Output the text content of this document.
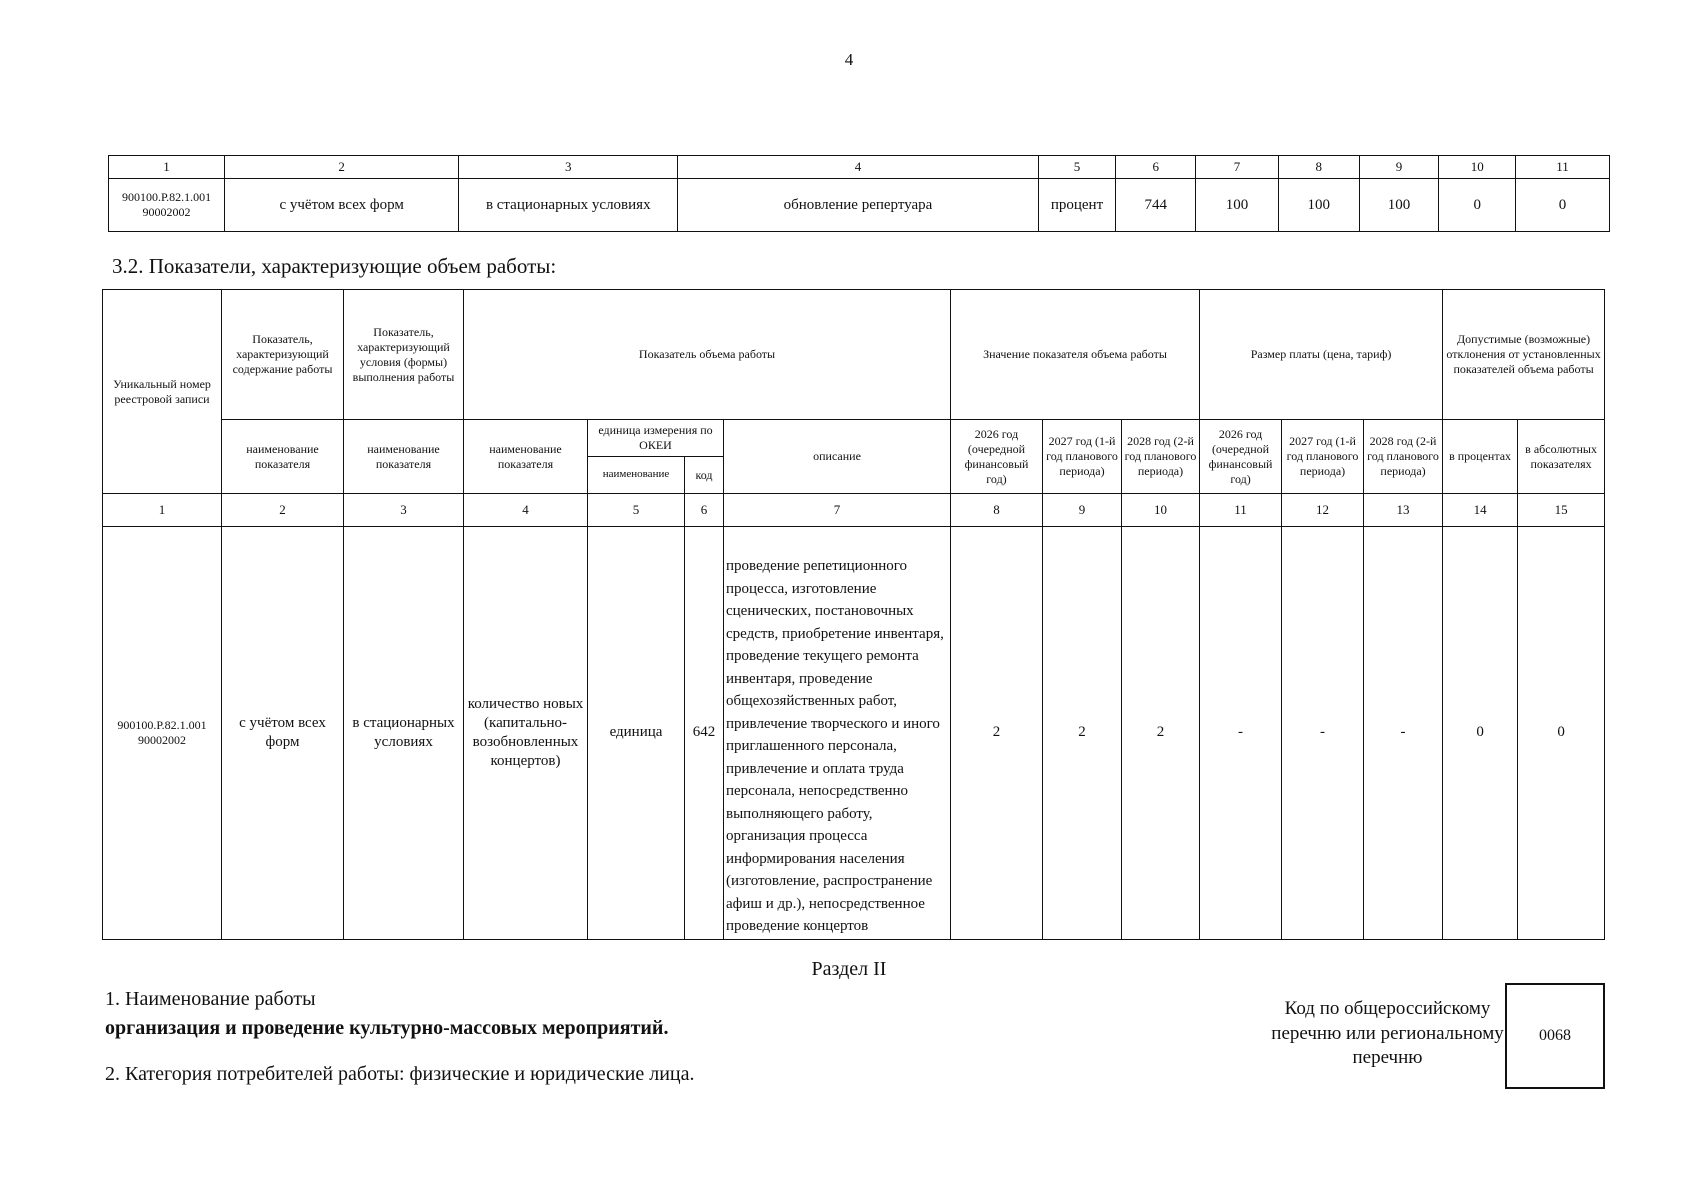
4
1	2	3	4	5	6	7	8	9	10	11
900100.Р.82.1.001 90002002	с учётом всех форм	в стационарных условиях	обновление репертуара	процент	744	100	100	100	0	0
3.2. Показатели, характеризующие объем работы:
Уникальный номер реестровой записи	Показатель, характеризующий содержание работы	Показатель, характеризующий условия (формы) выполнения работы	Показатель объема работы				Значение показателя объема работы			Размер платы (цена, тариф)			Допустимые (возможные) отклонения от установленных показателей объема работы	
	наименование показателя	наименование показателя	наименование показателя	единица измерения по ОКЕИ		описание	2026 год (очередной финансовый год)	2027 год (1-й год планового периода)	2028 год (2-й год планового периода)	2026 год (очередной финансовый год)	2027 год (1-й год планового периода)	2028 год (2-й год планового периода)	в процентах	в абсолютных показателях
				наименование	код									
1	2	3	4	5	6	7	8	9	10	11	12	13	14	15
900100.Р.82.1.001 90002002	с учётом всех форм	в стационарных условиях	количество новых (капитально-возобновленных концертов)	единица	642	проведение репетиционного процесса, изготовление сценических, постановочных средств, приобретение инвентаря, проведение текущего ремонта инвентаря, проведение общехозяйственных работ, привлечение творческого и иного приглашенного персонала, привлечение и оплата труда персонала, непосредственно выполняющего работу, организация процесса информирования населения (изготовление, распространение афиш и др.), непосредственное проведение концертов	2	2	2	-	-	-	0	0
Раздел II
1. Наименование работы
организация и проведение культурно-массовых мероприятий.
2. Категория потребителей работы: физические и юридические лица.
Код по общероссийскому перечню или региональному перечню
0068
